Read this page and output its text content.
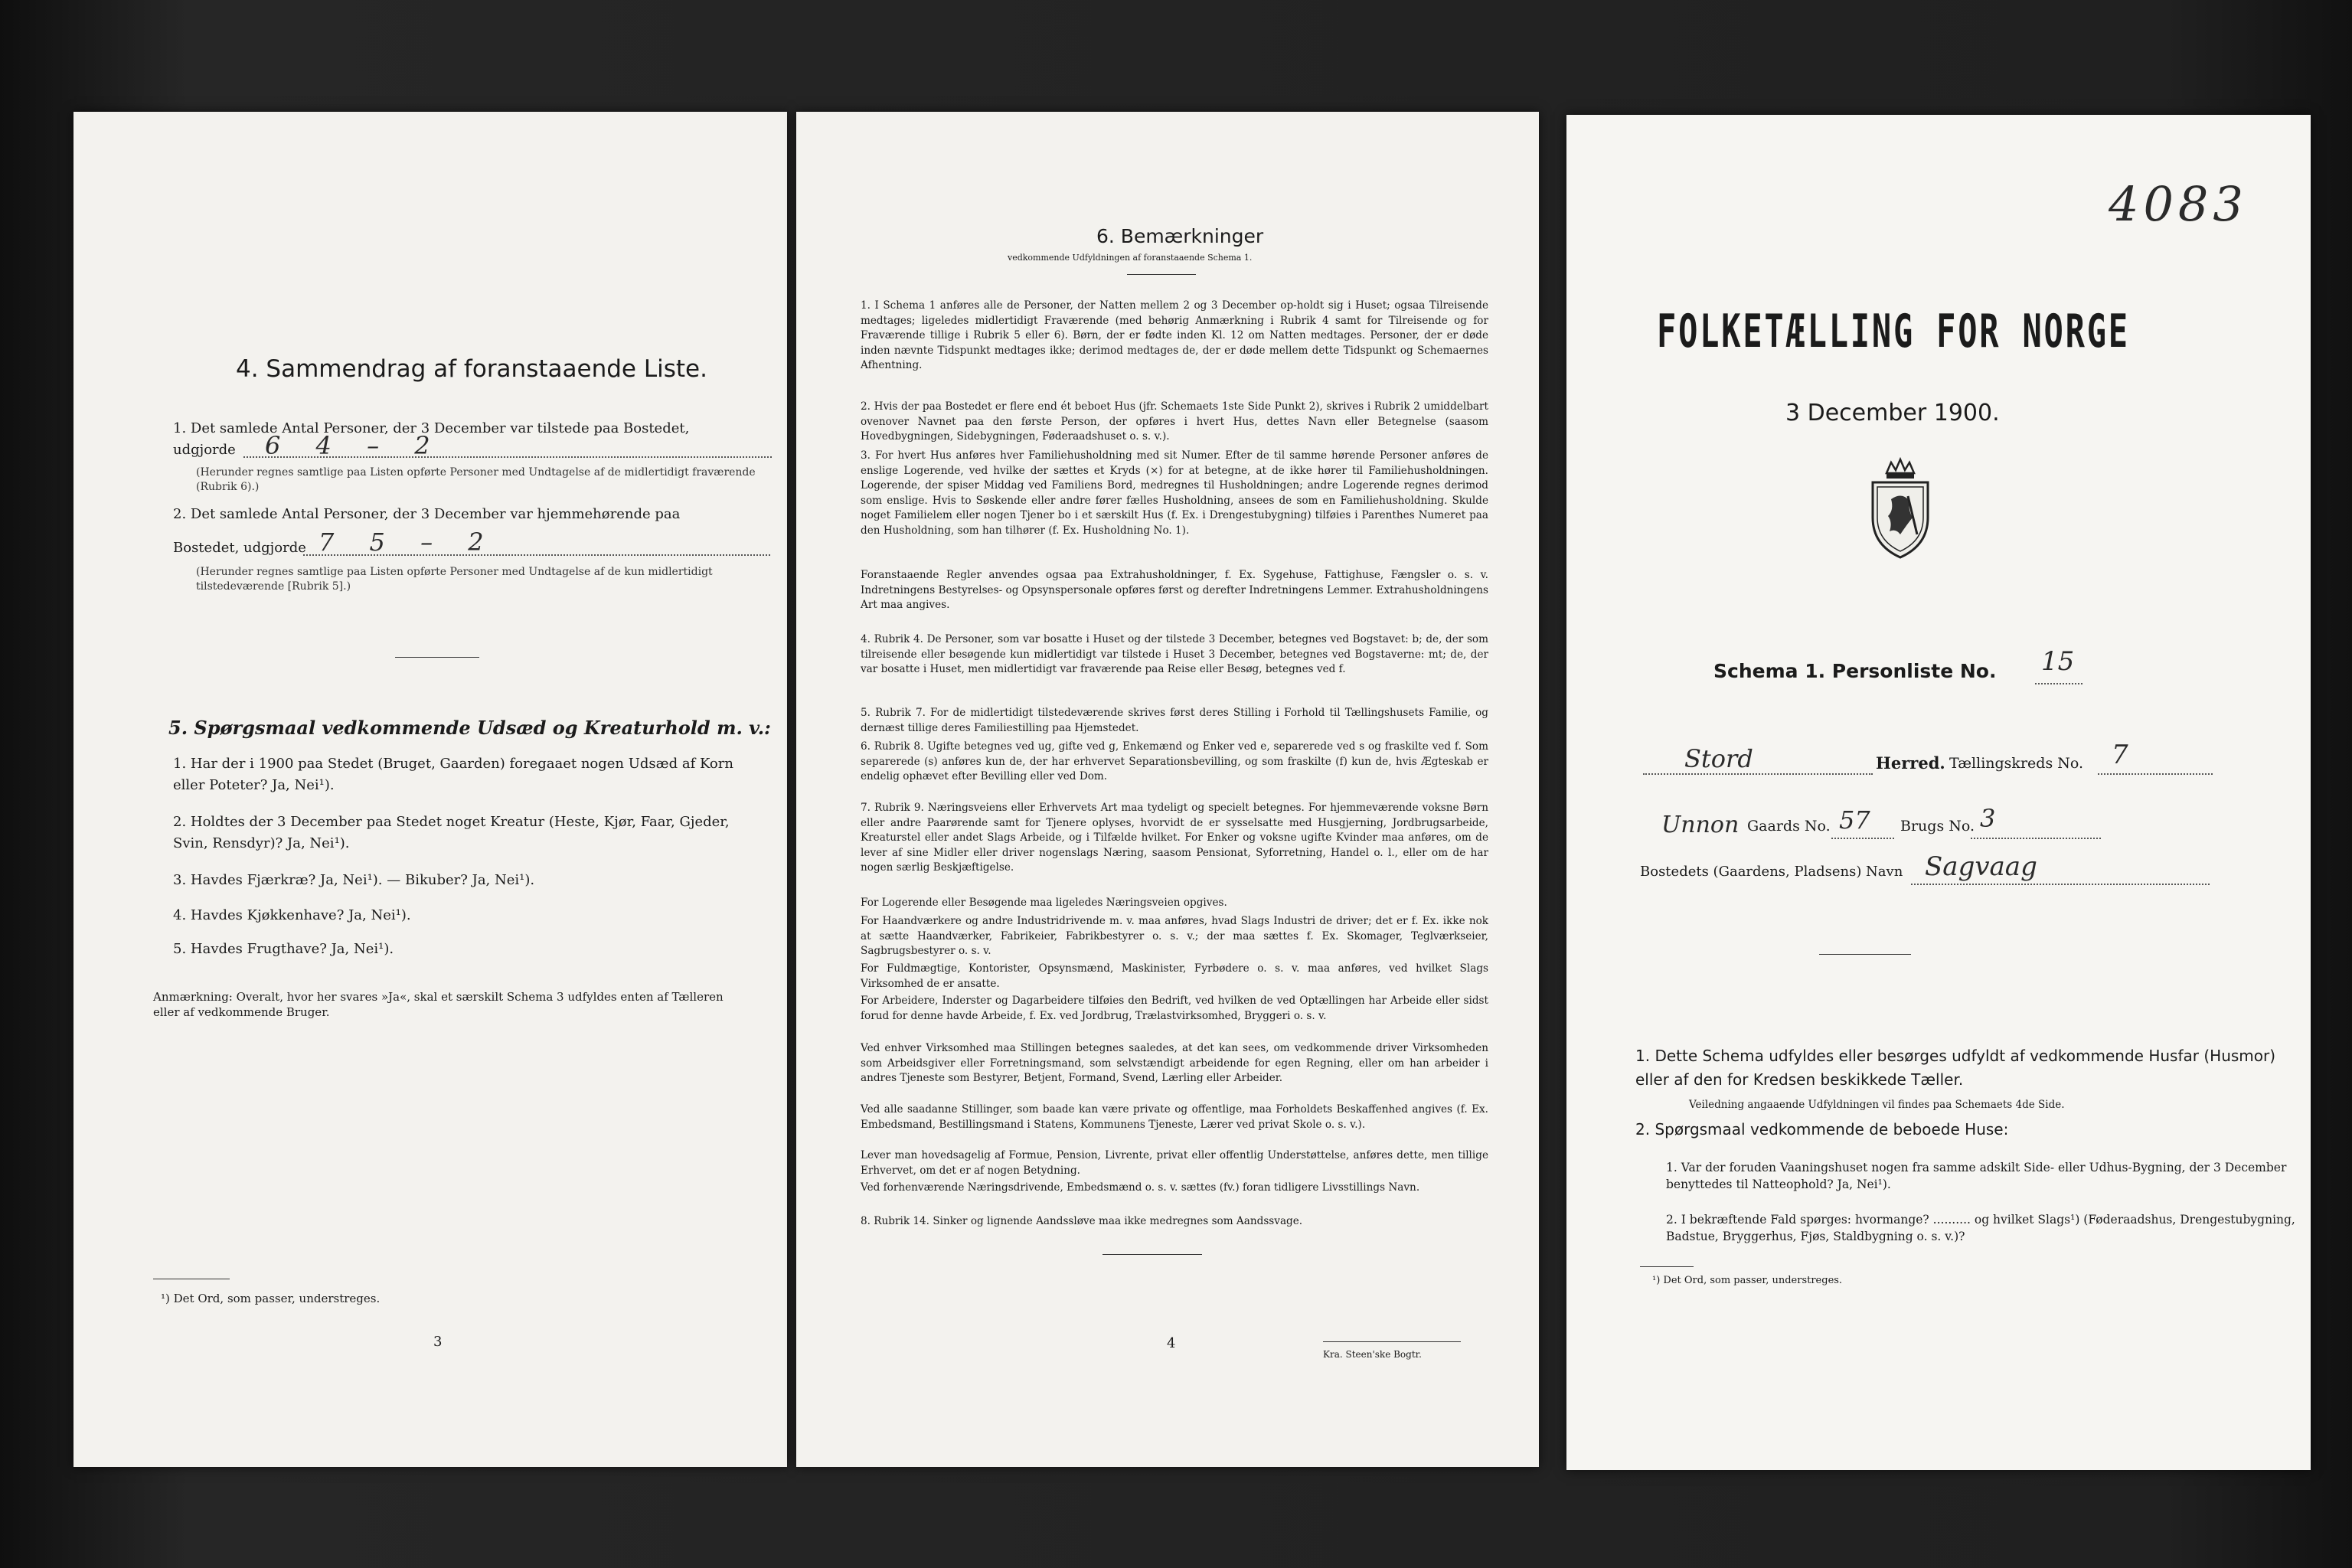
4. Sammendrag af foranstaaende Liste.
1. Det samlede Antal Personer, der 3 December var tilstede paa Bostedet,
udgjorde 6 4 – 2
(Herunder regnes samtlige paa Listen opførte Personer med Undtagelse af de midlertidigt fraværende (Rubrik 6).)
2. Det samlede Antal Personer, der 3 December var hjemmehørende paa
Bostedet, udgjorde 7 5 – 2
(Herunder regnes samtlige paa Listen opførte Personer med Undtagelse af de kun midlertidigt tilstedeværende [Rubrik 5].)
5. Spørgsmaal vedkommende Udsæd og Kreaturhold m. v.:
1. Har der i 1900 paa Stedet (Bruget, Gaarden) foregaaet nogen Udsæd af Korn eller Poteter? Ja, Nei¹).
2. Holdtes der 3 December paa Stedet noget Kreatur (Heste, Kjør, Faar, Gjeder, Svin, Rensdyr)? Ja, Nei¹).
3. Havdes Fjærkræ? Ja, Nei¹). — Bikuber? Ja, Nei¹).
4. Havdes Kjøkkenhave? Ja, Nei¹).
5. Havdes Frugthave? Ja, Nei¹).
Anmærkning: Overalt, hvor her svares »Ja«, skal et særskilt Schema 3 udfyldes enten af Tælleren eller af vedkommende Bruger.
¹) Det Ord, som passer, understreges.
3
6. Bemærkninger
vedkommende Udfyldningen af foranstaaende Schema 1.
1. I Schema 1 anføres alle de Personer, der Natten mellem 2 og 3 December op-holdt sig i Huset; ogsaa Tilreisende medtages; ligeledes midlertidigt Fraværende (med behørig Anmærkning i Rubrik 4 samt for Tilreisende og for Fraværende tillige i Rubrik 5 eller 6). Børn, der er fødte inden Kl. 12 om Natten medtages. Personer, der er døde inden nævnte Tidspunkt medtages ikke; derimod medtages de, der er døde mellem dette Tidspunkt og Schemaernes Afhentning.
2. Hvis der paa Bostedet er flere end ét beboet Hus (jfr. Schemaets 1ste Side Punkt 2), skrives i Rubrik 2 umiddelbart ovenover Navnet paa den første Person, der opføres i hvert Hus, dettes Navn eller Betegnelse (saasom Hovedbygningen, Sidebygningen, Føderaadshuset o. s. v.).
3. For hvert Hus anføres hver Familiehusholdning med sit Numer. Efter de til samme hørende Personer anføres de enslige Logerende, ved hvilke der sættes et Kryds (×) for at betegne, at de ikke hører til Familiehusholdningen. Logerende, der spiser Middag ved Familiens Bord, medregnes til Husholdningen; andre Logerende regnes derimod som enslige. Hvis to Søskende eller andre fører fælles Husholdning, ansees de som en Familiehusholdning. Skulde noget Familielem eller nogen Tjener bo i et særskilt Hus (f. Ex. i Drengestubygning) tilføies i Parenthes Numeret paa den Husholdning, som han tilhører (f. Ex. Husholdning No. 1).
Foranstaaende Regler anvendes ogsaa paa Extrahusholdninger, f. Ex. Sygehuse, Fattighuse, Fængsler o. s. v. Indretningens Bestyrelses- og Opsynspersonale opføres først og derefter Indretningens Lemmer. Extrahusholdningens Art maa angives.
4. Rubrik 4. De Personer, som var bosatte i Huset og der tilstede 3 December, betegnes ved Bogstavet: b; de, der som tilreisende eller besøgende kun midlertidigt var tilstede i Huset 3 December, betegnes ved Bogstaverne: mt; de, der var bosatte i Huset, men midlertidigt var fraværende paa Reise eller Besøg, betegnes ved f.
5. Rubrik 7. For de midlertidigt tilstedeværende skrives først deres Stilling i Forhold til Tællingshusets Familie, og dernæst tillige deres Familiestilling paa Hjemstedet.
6. Rubrik 8. Ugifte betegnes ved ug, gifte ved g, Enkemænd og Enker ved e, separerede ved s og fraskilte ved f. Som separerede (s) anføres kun de, der har erhvervet Separationsbevilling, og som fraskilte (f) kun de, hvis Ægteskab er endelig ophævet efter Bevilling eller ved Dom.
7. Rubrik 9. Næringsveiens eller Erhvervets Art maa tydeligt og specielt betegnes. For hjemmeværende voksne Børn eller andre Paarørende samt for Tjenere oplyses, hvorvidt de er sysselsatte med Husgjerning, Jordbrugsarbeide, Kreaturstel eller andet Slags Arbeide, og i Tilfælde hvilket. For Enker og voksne ugifte Kvinder maa anføres, om de lever af sine Midler eller driver nogenslags Næring, saasom Pensionat, Syforretning, Handel o. l., eller om de har nogen særlig Beskjæftigelse.
For Logerende eller Besøgende maa ligeledes Næringsveien opgives.
For Haandværkere og andre Industridrivende m. v. maa anføres, hvad Slags Industri de driver; det er f. Ex. ikke nok at sætte Haandværker, Fabrikeier, Fabrikbestyrer o. s. v.; der maa sættes f. Ex. Skomager, Teglværkseier, Sagbrugsbestyrer o. s. v.
For Fuldmægtige, Kontorister, Opsynsmænd, Maskinister, Fyrbødere o. s. v. maa anføres, ved hvilket Slags Virksomhed de er ansatte.
For Arbeidere, Inderster og Dagarbeidere tilføies den Bedrift, ved hvilken de ved Optællingen har Arbeide eller sidst forud for denne havde Arbeide, f. Ex. ved Jordbrug, Trælastvirksomhed, Bryggeri o. s. v.
Ved enhver Virksomhed maa Stillingen betegnes saaledes, at det kan sees, om vedkommende driver Virksomheden som Arbeidsgiver eller Forretningsmand, som selvstændigt arbeidende for egen Regning, eller om han arbeider i andres Tjeneste som Bestyrer, Betjent, Formand, Svend, Lærling eller Arbeider.
Ved alle saadanne Stillinger, som baade kan være private og offentlige, maa Forholdets Beskaffenhed angives (f. Ex. Embedsmand, Bestillingsmand i Statens, Kommunens Tjeneste, Lærer ved privat Skole o. s. v.).
Lever man hovedsagelig af Formue, Pension, Livrente, privat eller offentlig Understøttelse, anføres dette, men tillige Erhvervet, om det er af nogen Betydning.
Ved forhenværende Næringsdrivende, Embedsmænd o. s. v. sættes (fv.) foran tidligere Livsstillings Navn.
8. Rubrik 14. Sinker og lignende Aandssløve maa ikke medregnes som Aandssvage.
4
Kra. Steen'ske Bogtr.
4083
FOLKETÆLLING FOR NORGE
3 December 1900.
Schema 1. Personliste No. 15
Stord	Herred. Tællingskreds No. 7
Unnon Gaards No. 57 Brugs No. 3
Bostedets (Gaardens, Pladsens) Navn Sagvaag
1. Dette Schema udfyldes eller besørges udfyldt af vedkommende Husfar (Husmor) eller af den for Kredsen beskikkede Tæller.
Veiledning angaaende Udfyldningen vil findes paa Schemaets 4de Side.
2. Spørgsmaal vedkommende de beboede Huse:
1. Var der foruden Vaaningshuset nogen fra samme adskilt Side- eller Udhus-Bygning, der 3 December benyttedes til Natteophold? Ja, Nei¹).
2. I bekræftende Fald spørges: hvormange? .......... og hvilket Slags¹) (Føderaadshus, Drengestubygning, Badstue, Bryggerhus, Fjøs, Staldbygning o. s. v.)?
¹) Det Ord, som passer, understreges.
